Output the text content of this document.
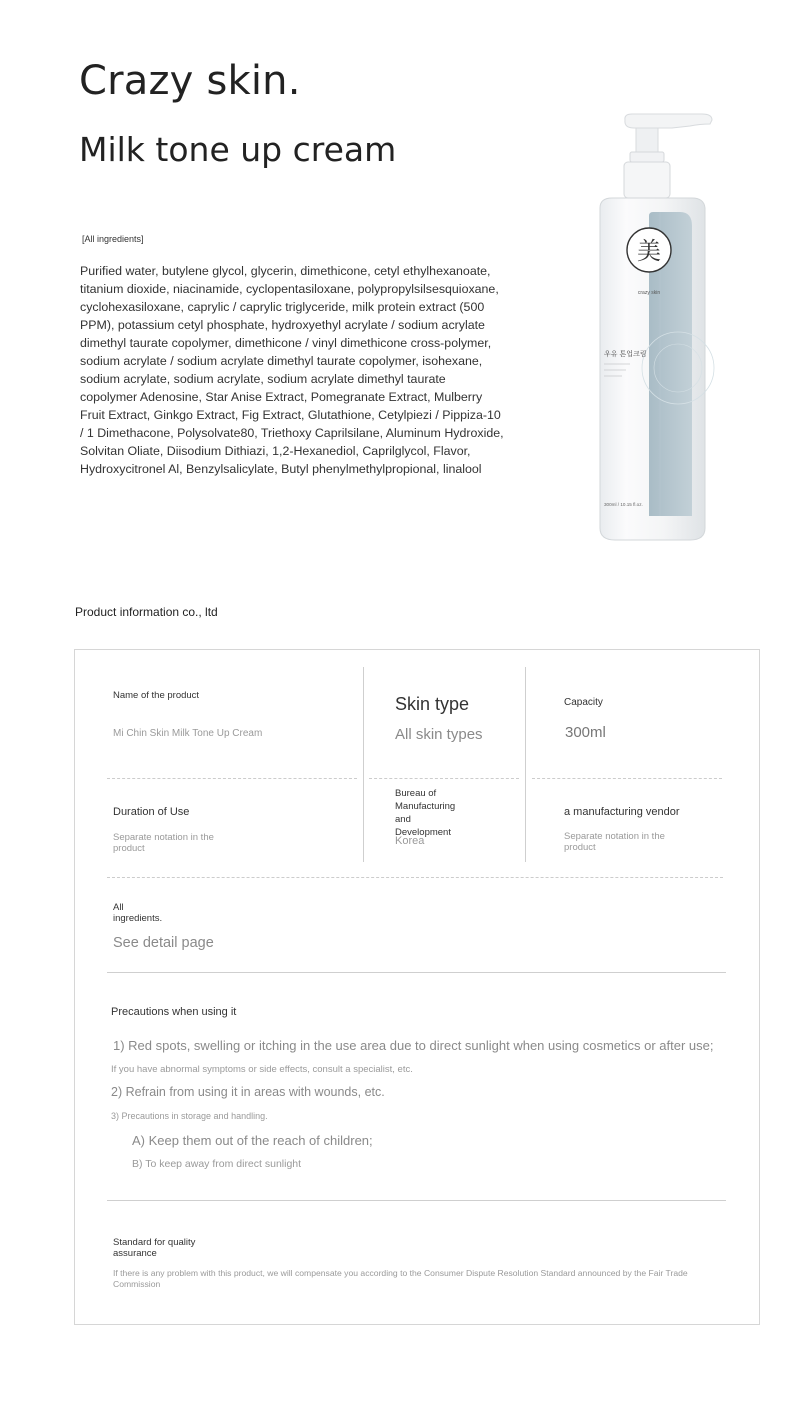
Crazy skin.
Milk tone up cream
[All ingredients]
Purified water, butylene glycol, glycerin, dimethicone, cetyl ethylhexanoate, titanium dioxide, niacinamide, cyclopentasiloxane, polypropylsilsesquioxane, cyclohexasiloxane, caprylic / caprylic triglyceride, milk protein extract (500 PPM), potassium cetyl phosphate, hydroxyethyl acrylate / sodium acrylate dimethyl taurate copolymer, dimethicone / vinyl dimethicone cross-polymer, sodium acrylate / sodium acrylate dimethyl taurate copolymer, isohexane, sodium acrylate, sodium acrylate, sodium acrylate dimethyl taurate copolymer Adenosine, Star Anise Extract, Pomegranate Extract, Mulberry Fruit Extract, Ginkgo Extract, Fig Extract, Glutathione, Cetylpiezi / Pippiza-10 / 1 Dimethacone, Polysolvate80, Triethoxy Caprilsilane, Aluminum Hydroxide, Solvitan Oliate, Diisodium Dithiazi, 1,2-Hexanediol, Caprilglycol, Flavor, Hydroxycitronel Al, Benzylsalicylate, Butyl phenylmethylpropional, linalool
美
crazy skin
우유 톤업크림
300ml / 10.15 fl.oz.
Product information co., ltd
Name of the product
Mi Chin Skin Milk Tone Up Cream
Skin type
All skin types
Capacity
300ml
Duration of Use
Separate notation in the product
Bureau of Manufacturing and Development
Korea
a manufacturing vendor
Separate notation in the product
All ingredients.
See detail page
Precautions when using it
1) Red spots, swelling or itching in the use area due to direct sunlight when using cosmetics or after use;
If you have abnormal symptoms or side effects, consult a specialist, etc.
2) Refrain from using it in areas with wounds, etc.
3) Precautions in storage and handling.
A) Keep them out of the reach of children;
B) To keep away from direct sunlight
Standard for quality assurance
If there is any problem with this product, we will compensate you according to the Consumer Dispute Resolution Standard announced by the Fair Trade Commission
